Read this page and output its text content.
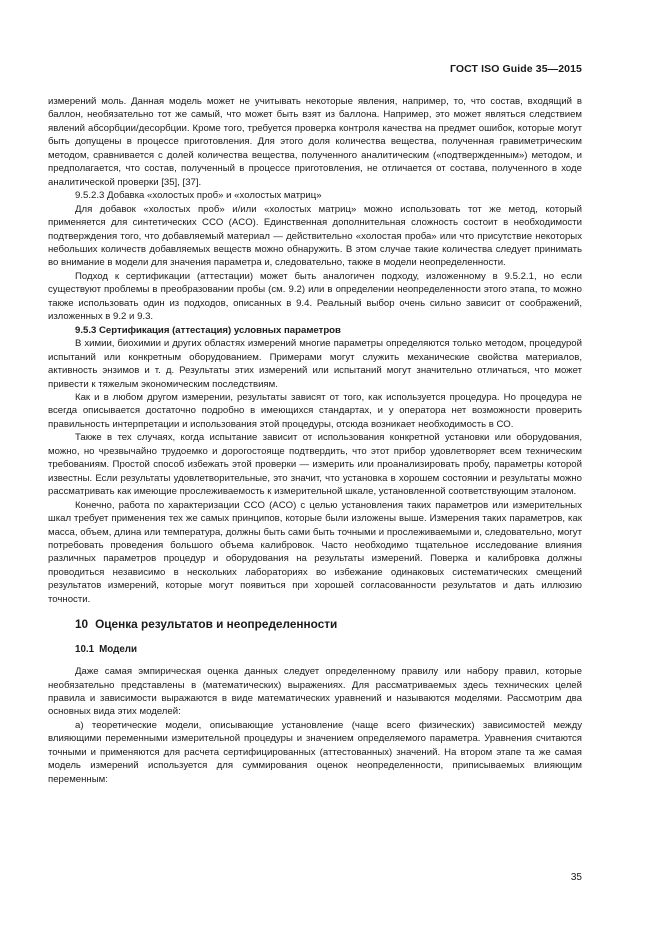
ГОСТ ISO Guide 35—2015

измерений моль. Данная модель может не учитывать некоторые явления, например, то, что состав, входящий в баллон, необязательно тот же самый, что может быть взят из баллона. Например, это может являться следствием явлений абсорбции/десорбции. Кроме того, требуется проверка контроля качества на предмет ошибок, которые могут быть допущены в процессе приготовления. Для этого доля количества вещества, полученная гравиметрическим методом, сравнивается с долей количества вещества, полученного аналитическим («подтвержденным») методом, и предполагается, что состав, полученный в процессе приготовления, не отличается от состава, полученного в ходе аналитической проверки [35], [37].

9.5.2.3 Добавка «холостых проб» и «холостых матриц»

Для добавок «холостых проб» и/или «холостых матриц» можно использовать тот же метод, который применяется для синтетических СCO (ACO). Единственная дополнительная сложность состоит в необходимости подтверждения того, что добавляемый материал — действительно «холостая проба» или что присутствие некоторых небольших количеств добавляемых веществ можно обнаружить. В этом случае такие количества следует принимать во внимание в модели для значения параметра и, следовательно, также в модели неопределенности.

Подход к сертификации (аттестации) может быть аналогичен подходу, изложенному в 9.5.2.1, но если существуют проблемы в преобразовании пробы (см. 9.2) или в определении неопределенности этого этапа, то можно также использовать один из подходов, описанных в 9.4. Реальный выбор очень сильно зависит от соображений, изложенных в 9.2 и 9.3.

9.5.3 Сертификация (аттестация) условных параметров

В химии, биохимии и других областях измерений многие параметры определяются только методом, процедурой испытаний или конкретным оборудованием. Примерами могут служить механические свойства материалов, активность энзимов и т. д. Результаты этих измерений или испытаний могут значительно отличаться, что может привести к тяжелым экономическим последствиям.

Как и в любом другом измерении, результаты зависят от того, как используется процедура. Но процедура не всегда описывается достаточно подробно в имеющихся стандартах, и у оператора нет возможности проверить правильность интерпретации и использования этой процедуры, отсюда возникает необходимость в СО.

Также в тех случаях, когда испытание зависит от использования конкретной установки или оборудования, можно, но чрезвычайно трудоемко и дорогостояще подтвердить, что этот прибор удовлетворяет всем техническим требованиям. Простой способ избежать этой проверки — измерить или проанализировать пробу, параметры которой известны. Если результаты удовлетворительные, это значит, что установка в хорошем состоянии и результаты можно рассматривать как имеющие прослеживаемость к измерительной шкале, установленной соответствующим эталоном.

Конечно, работа по характеризации СCO (ACO) с целью установления таких параметров или измерительных шкал требует применения тех же самых принципов, которые были изложены выше. Измерения таких параметров, как масса, объем, длина или температура, должны быть сами быть точными и прослеживаемыми и, следовательно, могут потребовать проведения большого объема калибровок. Часто необходимо тщательное исследование влияния различных параметров процедур и оборудования на результаты измерений. Поверка и калибровка должны проводиться независимо в нескольких лабораториях во избежание одинаковых систематических смещений результатов измерений, которые могут появиться при хорошей согласованности результатов и дать иллюзию точности.

10 Оценка результатов и неопределенности
10.1 Модели

Даже самая эмпирическая оценка данных следует определенному правилу или набору правил, которые необязательно представлены в (математических) выражениях. Для рассматриваемых здесь технических целей правила и зависимости выражаются в виде математических уравнений и называются моделями. Рассмотрим два основных вида этих моделей:

a) теоретические модели, описывающие установление (чаще всего физических) зависимостей между влияющими переменными измерительной процедуры и значением определяемого параметра. Уравнения считаются точными и применяются для расчета сертифицированных (аттестованных) значений. На втором этапе та же самая модель измерений используется для суммирования оценок неопределенности, приписываемых влияющим переменным:

35
